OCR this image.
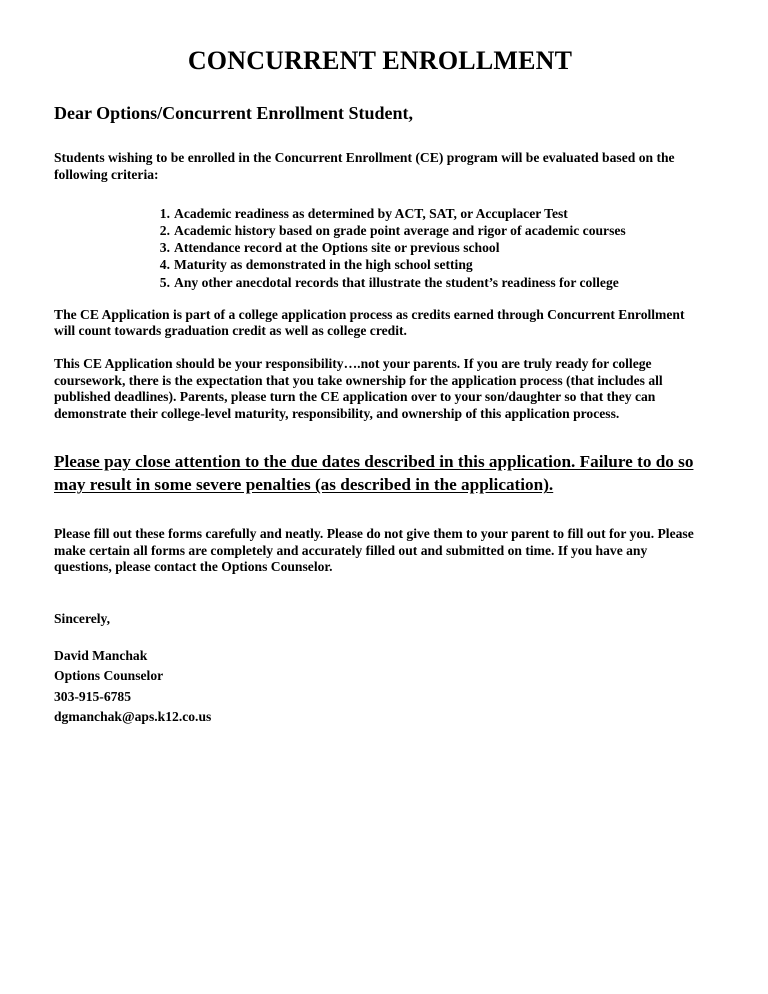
CONCURRENT ENROLLMENT

Dear Options/Concurrent Enrollment Student,

Students wishing to be enrolled in the Concurrent Enrollment (CE) program will be evaluated based on the following criteria:

1. Academic readiness as determined by ACT, SAT, or Accuplacer Test
2. Academic history based on grade point average and rigor of academic courses
3. Attendance record at the Options site or previous school
4. Maturity as demonstrated in the high school setting
5. Any other anecdotal records that illustrate the student’s readiness for college

The CE Application is part of a college application process as credits earned through Concurrent Enrollment will count towards graduation credit as well as college credit.

This CE Application should be your responsibility….not your parents. If you are truly ready for college coursework, there is the expectation that you take ownership for the application process (that includes all published deadlines). Parents, please turn the CE application over to your son/daughter so that they can demonstrate their college-level maturity, responsibility, and ownership of this application process.

Please pay close attention to the due dates described in this application. Failure to do so may result in some severe penalties (as described in the application).

Please fill out these forms carefully and neatly. Please do not give them to your parent to fill out for you. Please make certain all forms are completely and accurately filled out and submitted on time. If you have any questions, please contact the Options Counselor.

Sincerely,

David Manchak
Options Counselor
303-915-6785
dgmanchak@aps.k12.co.us
